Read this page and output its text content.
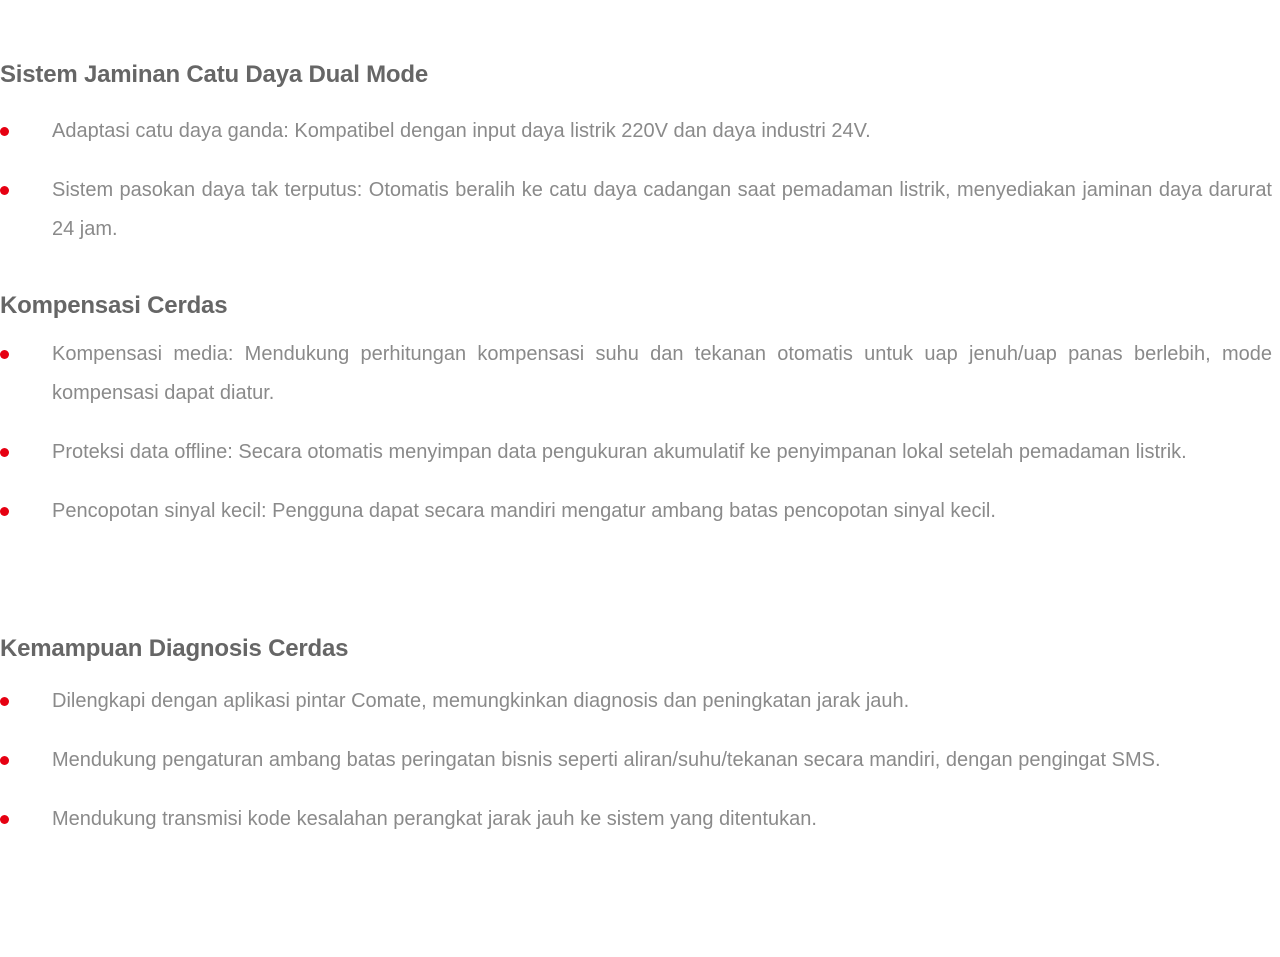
Sistem Jaminan Catu Daya Dual Mode
Adaptasi catu daya ganda: Kompatibel dengan input daya listrik 220V dan daya industri 24V.
Sistem pasokan daya tak terputus: Otomatis beralih ke catu daya cadangan saat pemadaman listrik, menyediakan jaminan daya darurat 24 jam.
Kompensasi Cerdas
Kompensasi media: Mendukung perhitungan kompensasi suhu dan tekanan otomatis untuk uap jenuh/uap panas berlebih, mode kompensasi dapat diatur.
Proteksi data offline: Secara otomatis menyimpan data pengukuran akumulatif ke penyimpanan lokal setelah pemadaman listrik.
Pencopotan sinyal kecil: Pengguna dapat secara mandiri mengatur ambang batas pencopotan sinyal kecil.
Kemampuan Diagnosis Cerdas
Dilengkapi dengan aplikasi pintar Comate, memungkinkan diagnosis dan peningkatan jarak jauh.
Mendukung pengaturan ambang batas peringatan bisnis seperti aliran/suhu/tekanan secara mandiri, dengan pengingat SMS.
Mendukung transmisi kode kesalahan perangkat jarak jauh ke sistem yang ditentukan.
